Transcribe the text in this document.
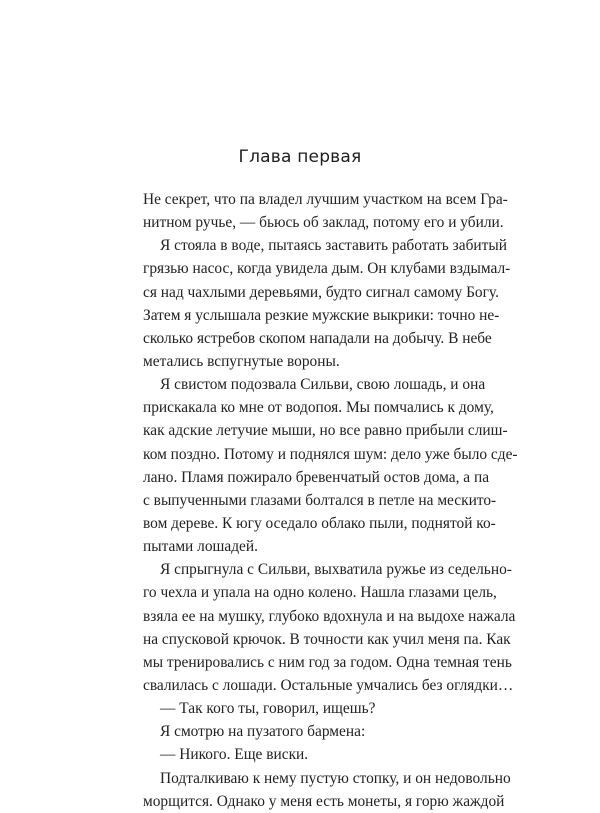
Глава первая
Не секрет, что па владел лучшим участком на всем Гра-
нитном ручье, — бьюсь об заклад, потому его и убили.
Я стояла в воде, пытаясь заставить работать забитый
грязью насос, когда увидела дым. Он клубами вздымал-
ся над чахлыми деревьями, будто сигнал самому Богу.
Затем я услышала резкие мужские выкрики: точно не-
сколько ястребов скопом нападали на добычу. В небе
метались вспугнутые вороны.
Я свистом подозвала Сильви, свою лошадь, и она
прискакала ко мне от водопоя. Мы помчались к дому,
как адские летучие мыши, но все равно прибыли слиш-
ком поздно. Потому и поднялся шум: дело уже было сде-
лано. Пламя пожирало бревенчатый остов дома, а па
с выпученными глазами болтался в петле на мескито-
вом дереве. К югу оседало облако пыли, поднятой ко-
пытами лошадей.
Я спрыгнула с Сильви, выхватила ружье из седельно-
го чехла и упала на одно колено. Нашла глазами цель,
взяла ее на мушку, глубоко вдохнула и на выдохе нажала
на спусковой крючок. В точности как учил меня па. Как
мы тренировались с ним год за годом. Одна темная тень
свалилась с лошади. Остальные умчались без оглядки…
— Так кого ты, говорил, ищешь?
Я смотрю на пузатого бармена:
— Никого. Еще виски.
Подталкиваю к нему пустую стопку, и он недовольно
морщится. Однако у меня есть монеты, я горю жаждой
